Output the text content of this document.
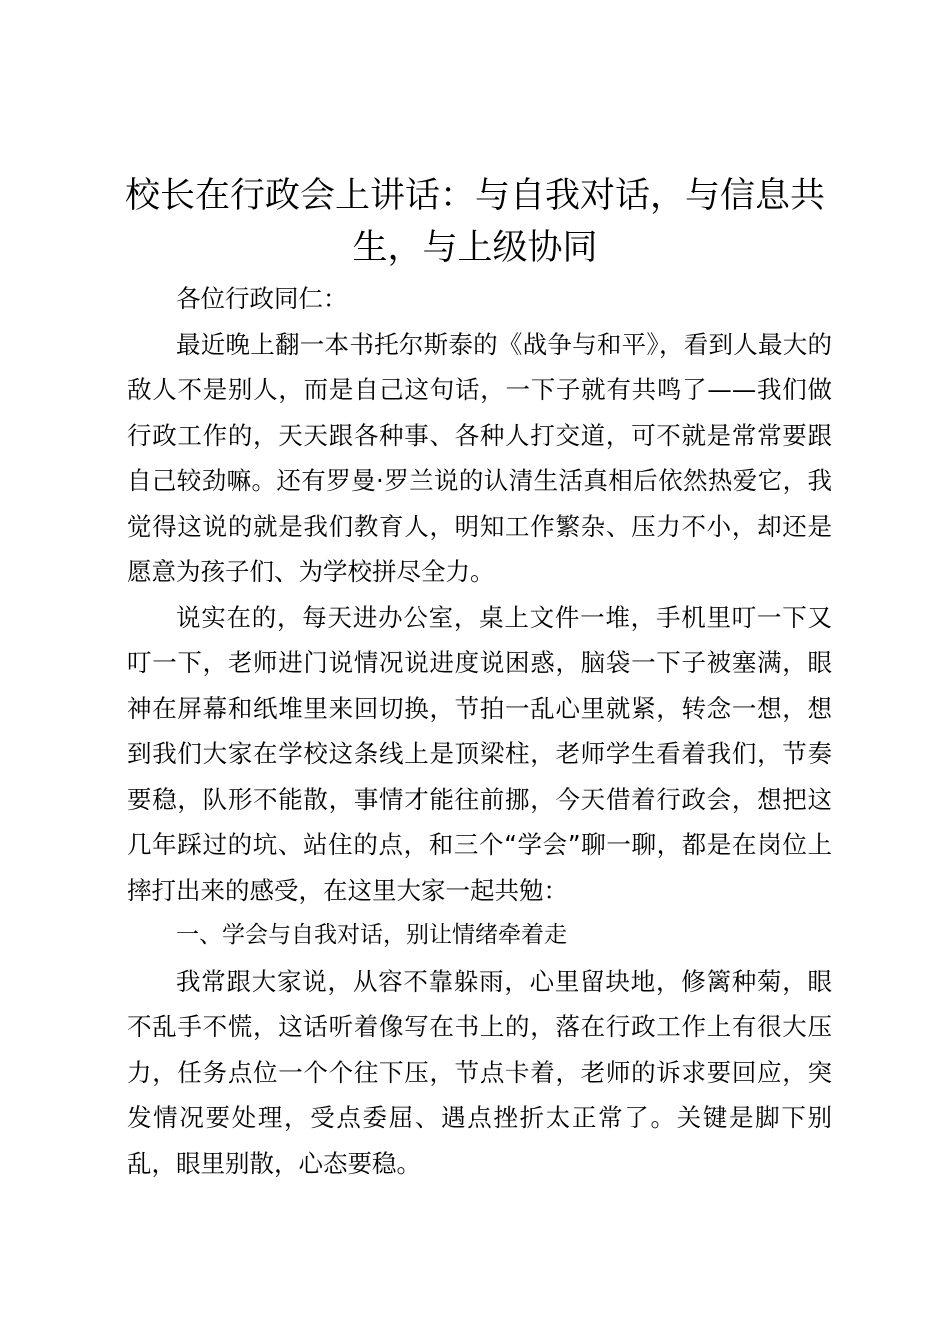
校长在行政会上讲话：与自我对话，与信息共生，与上级协同

各位行政同仁：

最近晚上翻一本书托尔斯泰的《战争与和平》，看到人最大的敌人不是别人，而是自己这句话，一下子就有共鸣了——我们做行政工作的，天天跟各种事、各种人打交道，可不就是常常要跟自己较劲嘛。还有罗曼·罗兰说的认清生活真相后依然热爱它，我觉得这说的就是我们教育人，明知工作繁杂、压力不小，却还是愿意为孩子们、为学校拼尽全力。

说实在的，每天进办公室，桌上文件一堆，手机里叮一下又叮一下，老师进门说情况说进度说困惑，脑袋一下子被塞满，眼神在屏幕和纸堆里来回切换，节拍一乱心里就紧，转念一想，想到我们大家在学校这条线上是顶梁柱，老师学生看着我们，节奏要稳，队形不能散，事情才能往前挪，今天借着行政会，想把这几年踩过的坑、站住的点，和三个“学会”聊一聊，都是在岗位上摔打出来的感受，在这里大家一起共勉：

一、学会与自我对话，别让情绪牵着走

我常跟大家说，从容不靠躲雨，心里留块地，修篱种菊，眼不乱手不慌，这话听着像写在书上的，落在行政工作上有很大压力，任务点位一个个往下压，节点卡着，老师的诉求要回应，突发情况要处理，受点委屈、遇点挫折太正常了。关键是脚下别乱，眼里别散，心态要稳。
